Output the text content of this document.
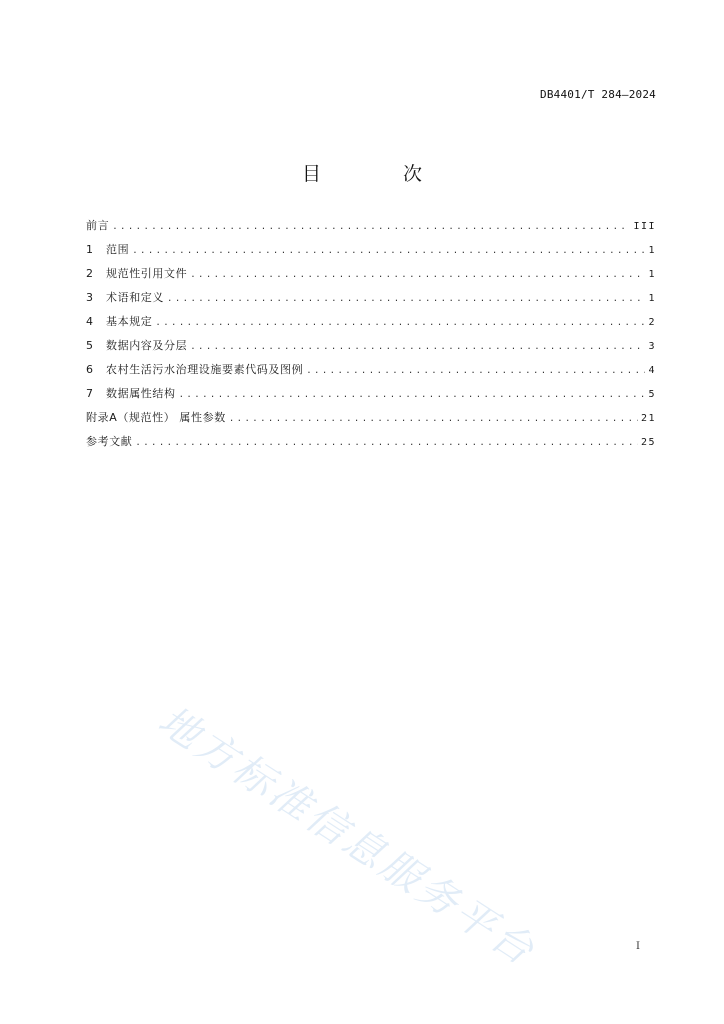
DB4401/T 284—2024
目 次
前言 .....	III
1	范围 .....	1
2	规范性引用文件 .....	1
3	术语和定义 .....	1
4	基本规定 .....	2
5	数据内容及分层 .....	3
6	农村生活污水治理设施要素代码及图例 .....	4
7	数据属性结构 .....	5
附录A（规范性） 属性参数 .....	21
参考文献 .....	25
地方标准信息服务平台	I
